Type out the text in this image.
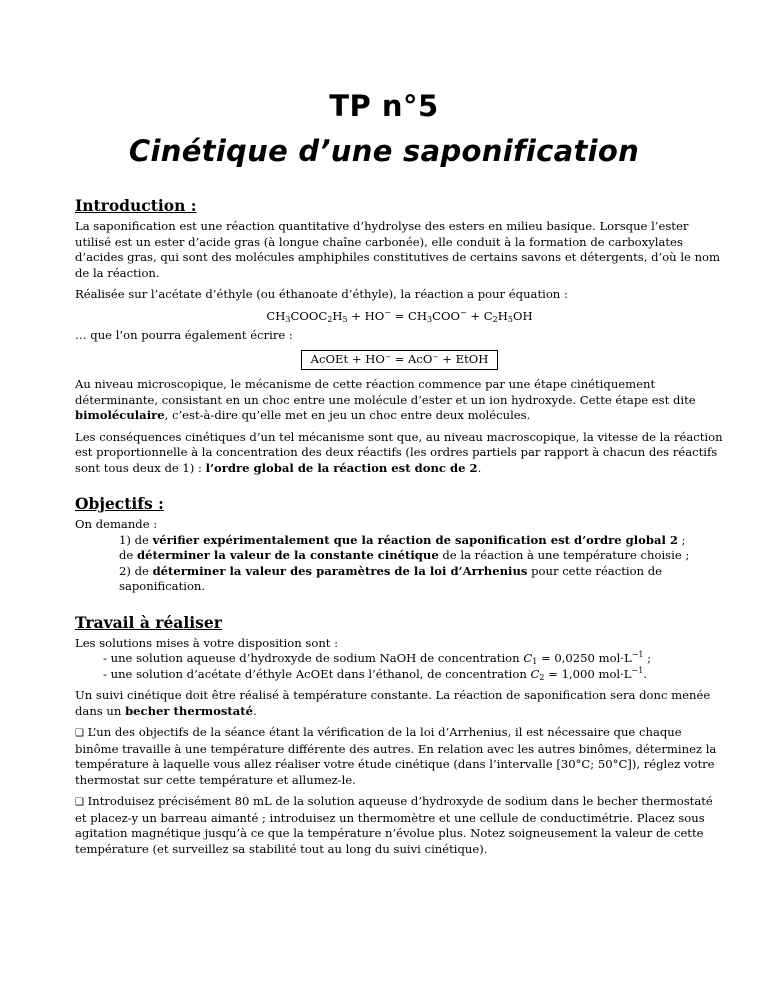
TP n°5
Cinétique d’une saponification
Introduction :

La saponification est une réaction quantitative d’hydrolyse des esters en milieu basique. Lorsque l’ester utilisé est un ester d’acide gras (à longue chaîne carbonée), elle conduit à la formation de carboxylates d’acides gras, qui sont des molécules amphiphiles constitutives de certains savons et détergents, d’où le nom de la réaction.

Réalisée sur l’acétate d’éthyle (ou éthanoate d’éthyle), la réaction a pour équation :

$CH_3COOC_2H_5 + HO^- = CH_3COO^- + C_2H_5OH$

… que l’on pourra également écrire :

AcOEt + HO⁻ = AcO⁻ + EtOH

Au niveau microscopique, le mécanisme de cette réaction commence par une étape cinétiquement déterminante, consistant en un choc entre une molécule d’ester et un ion hydroxyde. Cette étape est dite bimoléculaire, c’est-à-dire qu’elle met en jeu un choc entre deux molécules.

Les conséquences cinétiques d’un tel mécanisme sont que, au niveau macroscopique, la vitesse de la réaction est proportionnelle à la concentration des deux réactifs (les ordres partiels par rapport à chacun des réactifs sont tous deux de 1) : l’ordre global de la réaction est donc de 2.

Objectifs :
On demande :
1) de vérifier expérimentalement que la réaction de saponification est d’ordre global 2 ;
de déterminer la valeur de la constante cinétique de la réaction à une température choisie ;
2) de déterminer la valeur des paramètres de la loi d’Arrhenius pour cette réaction de saponification.
Travail à réaliser
Les solutions mises à votre disposition sont :
- une solution aqueuse d’hydroxyde de sodium NaOH de concentration $C_1 = 0,0250$ $mol\cdot L^{-1}$ ;
- une solution d’acétate d’éthyle AcOEt dans l’éthanol, de concentration $C_2 = 1,000$ $mol\cdot L^{-1}$.

Un suivi cinétique doit être réalisé à température constante. La réaction de saponification sera donc menée dans un becher thermostaté.

❑ L’un des objectifs de la séance étant la vérification de la loi d’Arrhenius, il est nécessaire que chaque binôme travaille à une température différente des autres. En relation avec les autres binômes, déterminez la température à laquelle vous allez réaliser votre étude cinétique (dans l’intervalle [30°C; 50°C]), réglez votre thermostat sur cette température et allumez-le.

❑ Introduisez précisément 80 mL de la solution aqueuse d’hydroxyde de sodium dans le becher thermostaté et placez-y un barreau aimanté ; introduisez un thermomètre et une cellule de conductimétrie. Placez sous agitation magnétique jusqu’à ce que la température n’évolue plus. Notez soigneusement la valeur de cette température (et surveillez sa stabilité tout au long du suivi cinétique).
